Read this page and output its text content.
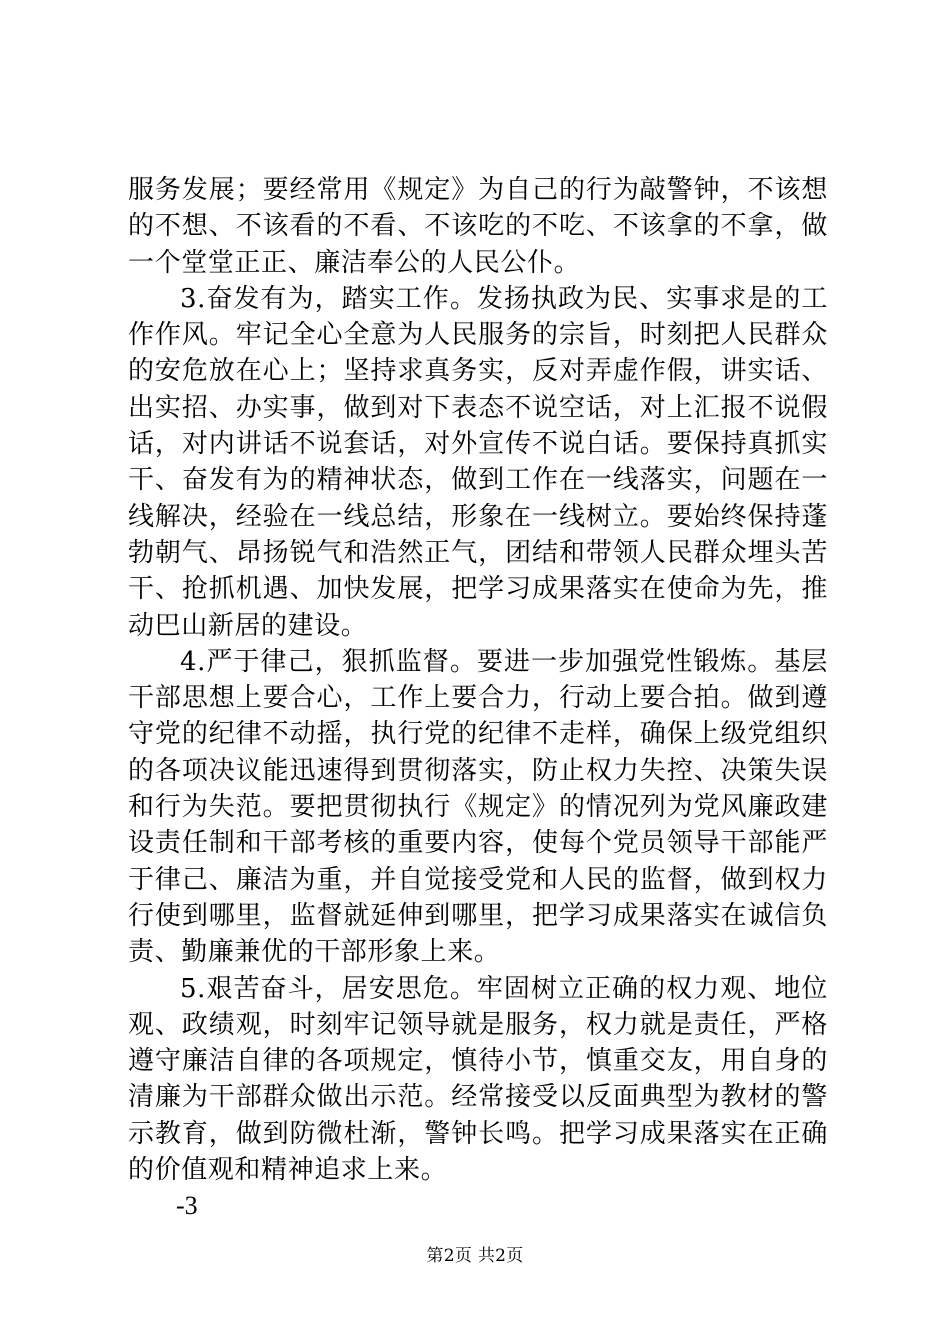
服务发展；要经常用《规定》为自己的行为敲警钟，不该想的不想、不该看的不看、不该吃的不吃、不该拿的不拿，做一个堂堂正正、廉洁奉公的人民公仆。

3.奋发有为，踏实工作。发扬执政为民、实事求是的工作作风。牢记全心全意为人民服务的宗旨，时刻把人民群众的安危放在心上；坚持求真务实，反对弄虚作假，讲实话、出实招、办实事，做到对下表态不说空话，对上汇报不说假话，对内讲话不说套话，对外宣传不说白话。要保持真抓实干、奋发有为的精神状态，做到工作在一线落实，问题在一线解决，经验在一线总结，形象在一线树立。要始终保持蓬勃朝气、昂扬锐气和浩然正气，团结和带领人民群众埋头苦干、抢抓机遇、加快发展，把学习成果落实在使命为先，推动巴山新居的建设。

4.严于律己，狠抓监督。要进一步加强党性锻炼。基层干部思想上要合心，工作上要合力，行动上要合拍。做到遵守党的纪律不动摇，执行党的纪律不走样，确保上级党组织的各项决议能迅速得到贯彻落实，防止权力失控、决策失误和行为失范。要把贯彻执行《规定》的情况列为党风廉政建设责任制和干部考核的重要内容，使每个党员领导干部能严于律己、廉洁为重，并自觉接受党和人民的监督，做到权力行使到哪里，监督就延伸到哪里，把学习成果落实在诚信负责、勤廉兼优的干部形象上来。

5.艰苦奋斗，居安思危。牢固树立正确的权力观、地位观、政绩观，时刻牢记领导就是服务，权力就是责任，严格遵守廉洁自律的各项规定，慎待小节，慎重交友，用自身的清廉为干部群众做出示范。经常接受以反面典型为教材的警示教育，做到防微杜渐，警钟长鸣。把学习成果落实在正确的价值观和精神追求上来。

-3

第2页 共2页
